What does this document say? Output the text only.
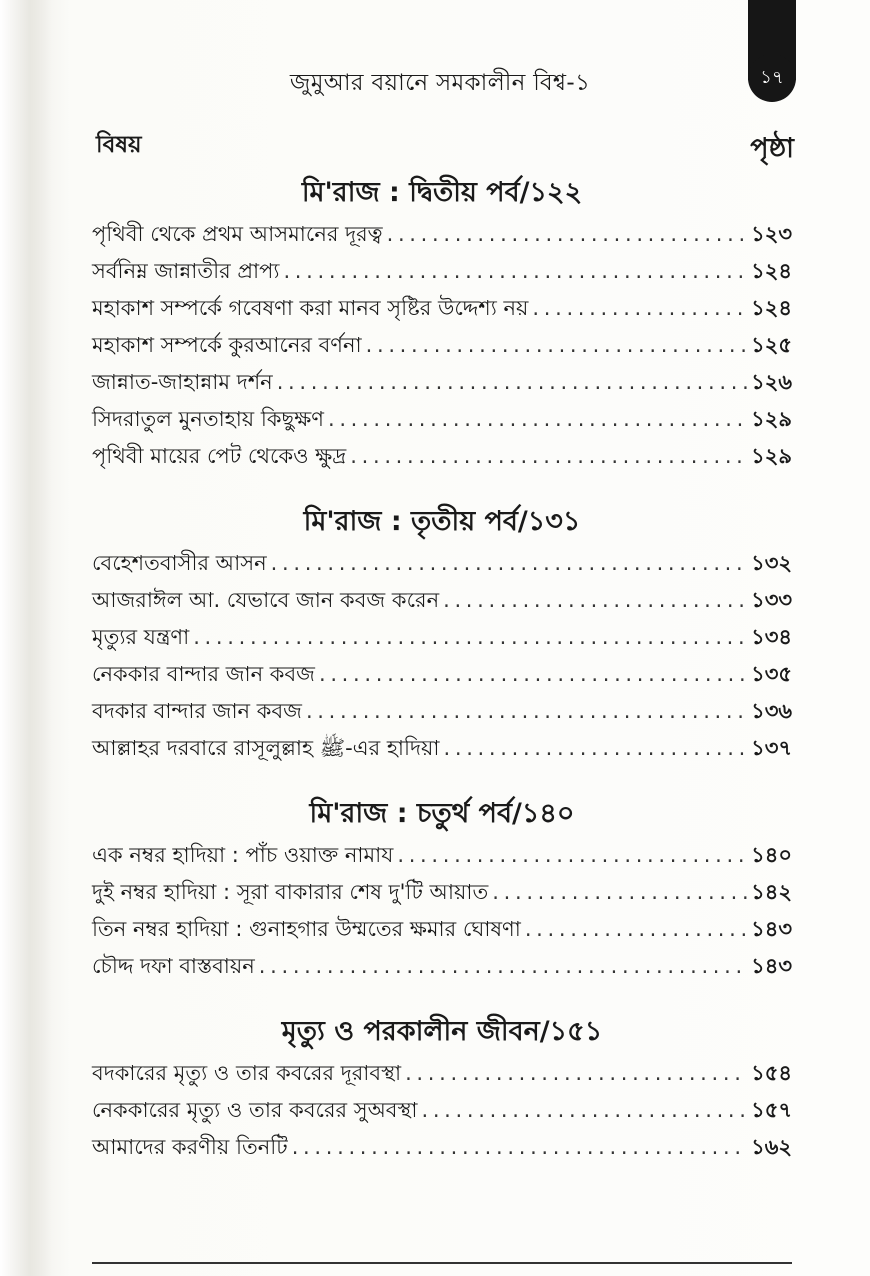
১৭
জুমুআর বয়ানে সমকালীন বিশ্ব-১
বিষয়	পৃষ্ঠা
মি'রাজ : দ্বিতীয় পর্ব/১২২
পৃথিবী থেকে প্রথম আসমানের দূরত্ব . . .	১২৩
সর্বনিম্ন জান্নাতীর প্রাপ্য . . .	১২৪
মহাকাশ সম্পর্কে গবেষণা করা মানব সৃষ্টির উদ্দেশ্য নয় . . .	১২৪
মহাকাশ সম্পর্কে কুরআনের বর্ণনা . . .	১২৫
জান্নাত-জাহান্নাম দর্শন . . .	১২৬
সিদরাতুল মুনতাহায় কিছুক্ষণ . . .	১২৯
পৃথিবী মায়ের পেট থেকেও ক্ষুদ্র . . .	১২৯
মি'রাজ : তৃতীয় পর্ব/১৩১
বেহেশতবাসীর আসন . . .	১৩২
আজরাঈল আ. যেভাবে জান কবজ করেন . . .	১৩৩
মৃত্যুর যন্ত্রণা . . .	১৩৪
নেককার বান্দার জান কবজ . . .	১৩৫
বদকার বান্দার জান কবজ . . .	১৩৬
আল্লাহর দরবারে রাসূলুল্লাহ ﷺ-এর হাদিয়া . . .	১৩৭
মি'রাজ : চতুর্থ পর্ব/১৪০
এক নম্বর হাদিয়া : পাঁচ ওয়াক্ত নামায . . .	১৪০
দুই নম্বর হাদিয়া : সূরা বাকারার শেষ দু'টি আয়াত . . .	১৪২
তিন নম্বর হাদিয়া : গুনাহগার উম্মতের ক্ষমার ঘোষণা . . .	১৪৩
চৌদ্দ দফা বাস্তবায়ন . . .	১৪৩
মৃত্যু ও পরকালীন জীবন/১৫১
বদকারের মৃত্যু ও তার কবরের দূরাবস্থা . . .	১৫৪
নেককারের মৃত্যু ও তার কবরের সুঅবস্থা . . .	১৫৭
আমাদের করণীয় তিনটি . . .	১৬২
